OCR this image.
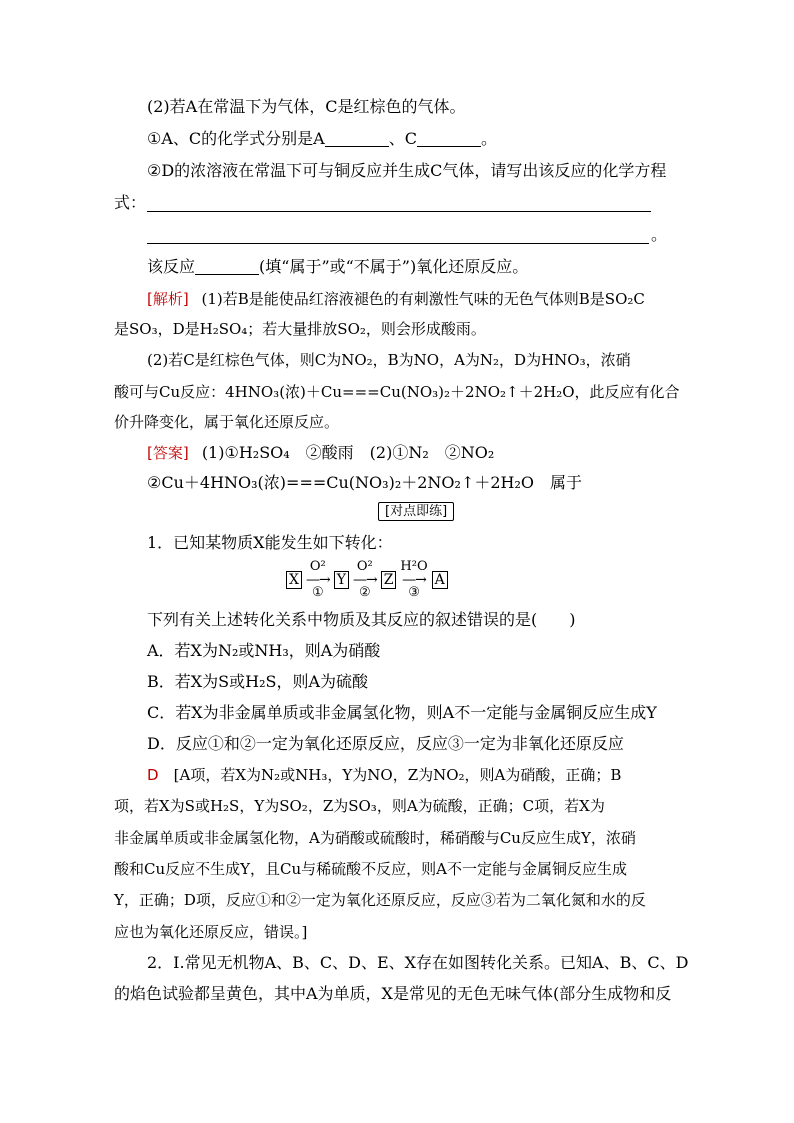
(2)若A在常温下为气体，C是红棕色的气体。
①A、C的化学式分别是A	、C	。
②D的浓溶液在常温下可与铜反应并生成C气体，请写出该反应的化学方程
式：
。
该反应	(填“属于”或“不属于”)氧化还原反应。
[解析] (1)若B是能使品红溶液褪色的有刺激性气味的无色气体则B是SO₂C
是SO₃，D是H₂SO₄；若大量排放SO₂，则会形成酸雨。
(2)若C是红棕色气体，则C为NO₂，B为NO，A为N₂，D为HNO₃，浓硝
酸可与Cu反应：4HNO₃(浓)＋Cu===Cu(NO₃)₂＋2NO₂↑＋2H₂O，此反应有化合
价升降变化，属于氧化还原反应。
[答案] (1)①H₂SO₄　②酸雨　(2)①N₂　②NO₂
②Cu＋4HNO₃(浓)===Cu(NO₃)₂＋2NO₂↑＋2H₂O　属于
[对点即练]
1．已知某物质X能发生如下转化：
X
O²
—→
①
Y
O²
—→
②
Z
H²O
—→
③
A
下列有关上述转化关系中物质及其反应的叙述错误的是(　　)
A．若X为N₂或NH₃，则A为硝酸
B．若X为S或H₂S，则A为硫酸
C．若X为非金属单质或非金属氢化物，则A不一定能与金属铜反应生成Y
D．反应①和②一定为氧化还原反应，反应③一定为非氧化还原反应
D [A项，若X为N₂或NH₃，Y为NO，Z为NO₂，则A为硝酸，正确；B
项，若X为S或H₂S，Y为SO₂，Z为SO₃，则A为硫酸，正确；C项，若X为
非金属单质或非金属氢化物，A为硝酸或硫酸时，稀硝酸与Cu反应生成Y，浓硝
酸和Cu反应不生成Y，且Cu与稀硫酸不反应，则A不一定能与金属铜反应生成
Y，正确；D项，反应①和②一定为氧化还原反应，反应③若为二氧化氮和水的反
应也为氧化还原反应，错误。]
2．Ⅰ.常见无机物A、B、C、D、E、X存在如图转化关系。已知A、B、C、D
的焰色试验都呈黄色，其中A为单质，X是常见的无色无味气体(部分生成物和反
